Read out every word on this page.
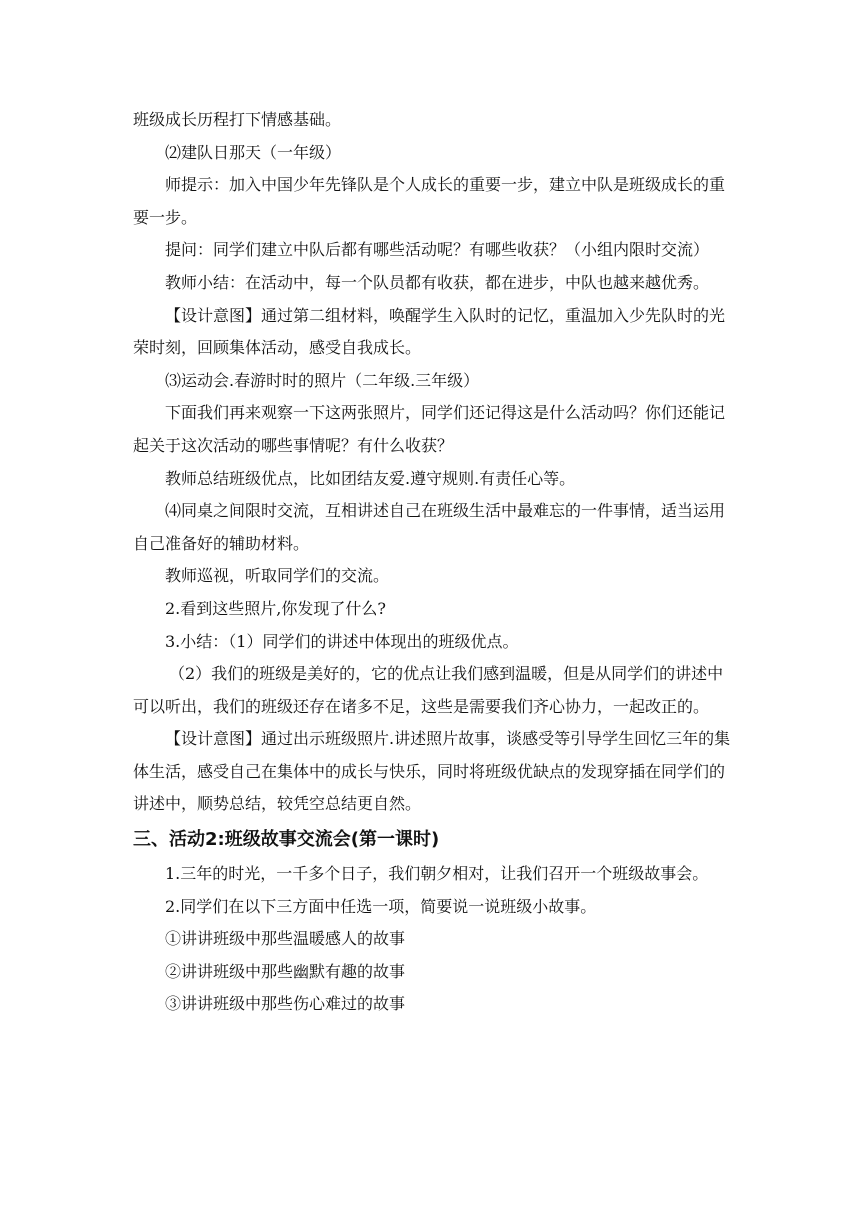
班级成长历程打下情感基础。

⑵建队日那天（一年级）

师提示：加入中国少年先锋队是个人成长的重要一步，建立中队是班级成长的重要一步。

提问：同学们建立中队后都有哪些活动呢？有哪些收获？（小组内限时交流）

教师小结：在活动中，每一个队员都有收获，都在进步，中队也越来越优秀。

【设计意图】通过第二组材料，唤醒学生入队时的记忆，重温加入少先队时的光荣时刻，回顾集体活动，感受自我成长。

⑶运动会.春游时时的照片（二年级.三年级）

下面我们再来观察一下这两张照片，同学们还记得这是什么活动吗？你们还能记起关于这次活动的哪些事情呢？有什么收获？

教师总结班级优点，比如团结友爱.遵守规则.有责任心等。

⑷同桌之间限时交流，互相讲述自己在班级生活中最难忘的一件事情，适当运用自己准备好的辅助材料。

教师巡视，听取同学们的交流。

2.看到这些照片,你发现了什么?

3.小结：（1）同学们的讲述中体现出的班级优点。

（2）我们的班级是美好的，它的优点让我们感到温暖，但是从同学们的讲述中可以听出，我们的班级还存在诸多不足，这些是需要我们齐心协力，一起改正的。

【设计意图】通过出示班级照片.讲述照片故事，谈感受等引导学生回忆三年的集体生活，感受自己在集体中的成长与快乐，同时将班级优缺点的发现穿插在同学们的讲述中，顺势总结，较凭空总结更自然。

三、活动2:班级故事交流会(第一课时)

1.三年的时光，一千多个日子，我们朝夕相对，让我们召开一个班级故事会。

2.同学们在以下三方面中任选一项，简要说一说班级小故事。

①讲讲班级中那些温暖感人的故事

②讲讲班级中那些幽默有趣的故事

③讲讲班级中那些伤心难过的故事
